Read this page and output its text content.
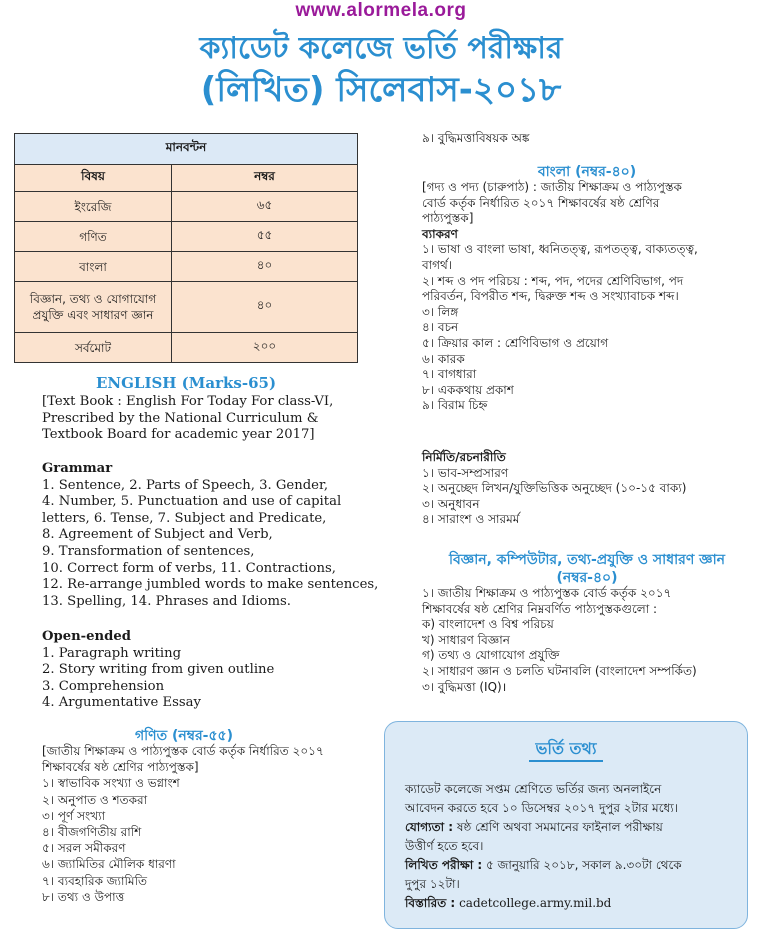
www.alormela.org
ক্যাডেট কলেজে ভর্তি পরীক্ষার
(লিখিত) সিলেবাস-২০১৮
মানবন্টন	
বিষয়	নম্বর
ইংরেজি	৬৫
গণিত	৫৫
বাংলা	৪০
বিজ্ঞান, তথ্য ও যোগাযোগ প্রযুক্তি এবং সাধারণ জ্ঞান	৪০
সর্বমোট	২০০
ENGLISH (Marks-65)
[Text Book : English For Today For class-VI,
Prescribed by the National Curriculum &
Textbook Board for academic year 2017]
Grammar
1. Sentence, 2. Parts of Speech, 3. Gender,
4. Number, 5. Punctuation and use of capital
letters, 6. Tense, 7. Subject and Predicate,
8. Agreement of Subject and Verb,
9. Transformation of sentences,
10. Correct form of verbs, 11. Contractions,
12. Re-arrange jumbled words to make sentences,
13. Spelling, 14. Phrases and Idioms.
Open-ended
1. Paragraph writing
2. Story writing from given outline
3. Comprehension
4. Argumentative Essay
গণিত (নম্বর-৫৫)
[জাতীয় শিক্ষাক্রম ও পাঠ্যপুস্তক বোর্ড কর্তৃক নির্ধারিত ২০১৭
শিক্ষাবর্ষের ষষ্ঠ শ্রেণির পাঠ্যপুস্তক]
১। স্বাভাবিক সংখ্যা ও ভগ্নাংশ
২। অনুপাত ও শতকরা
৩। পূর্ণ সংখ্যা
৪। বীজগণিতীয় রাশি
৫। সরল সমীকরণ
৬। জ্যামিতির মৌলিক ধারণা
৭। ব্যবহারিক জ্যামিতি
৮। তথ্য ও উপাত্ত
৯। বুদ্ধিমত্তাবিষয়ক অঙ্ক
বাংলা (নম্বর-৪০)
[গদ্য ও পদ্য (চারুপাঠ) : জাতীয় শিক্ষাক্রম ও পাঠ্যপুস্তক
বোর্ড কর্তৃক নির্ধারিত ২০১৭ শিক্ষাবর্ষের ষষ্ঠ শ্রেণির
পাঠ্যপুস্তক]
ব্যাকরণ
১। ভাষা ও বাংলা ভাষা, ধ্বনিতত্ত্ব, রূপতত্ত্ব, বাক্যতত্ত্ব,
বাগর্থ।
২। শব্দ ও পদ পরিচয় : শব্দ, পদ, পদের শ্রেণিবিভাগ, পদ
পরিবর্তন, বিপরীত শব্দ, দ্বিরুক্ত শব্দ ও সংখ্যাবাচক শব্দ।
৩। লিঙ্গ
৪। বচন
৫। ক্রিয়ার কাল : শ্রেণিবিভাগ ও প্রয়োগ
৬। কারক
৭। বাগধারা
৮। এককথায় প্রকাশ
৯। বিরাম চিহ্ন
নির্মিতি/রচনারীতি
১। ভাব-সম্প্রসারণ
২। অনুচ্ছেদ লিখন/যুক্তিভিত্তিক অনুচ্ছেদ (১০-১৫ বাক্য)
৩। অনুধাবন
৪। সারাংশ ও সারমর্ম
বিজ্ঞান, কম্পিউটার, তথ্য-প্রযুক্তি ও সাধারণ জ্ঞান
(নম্বর-৪০)
১। জাতীয় শিক্ষাক্রম ও পাঠ্যপুস্তক বোর্ড কর্তৃক ২০১৭
শিক্ষাবর্ষের ষষ্ঠ শ্রেণির নিম্নবর্ণিত পাঠ্যপুস্তকগুলো :
ক) বাংলাদেশ ও বিশ্ব পরিচয়
খ) সাধারণ বিজ্ঞান
গ) তথ্য ও যোগাযোগ প্রযুক্তি
২। সাধারণ জ্ঞান ও চলতি ঘটনাবলি (বাংলাদেশ সম্পর্কিত)
৩। বুদ্ধিমত্তা (IQ)।
ভর্তি তথ্য
ক্যাডেট কলেজে সপ্তম শ্রেণিতে ভর্তির জন্য অনলাইনে
আবেদন করতে হবে ১০ ডিসেম্বর ২০১৭ দুপুর ২টার মধ্যে।
যোগ্যতা : ষষ্ঠ শ্রেণি অথবা সমমানের ফাইনাল পরীক্ষায়
উত্তীর্ণ হতে হবে।
লিখিত পরীক্ষা : ৫ জানুয়ারি ২০১৮, সকাল ৯.৩০টা থেকে
দুপুর ১২টা।
বিস্তারিত : cadetcollege.army.mil.bd
